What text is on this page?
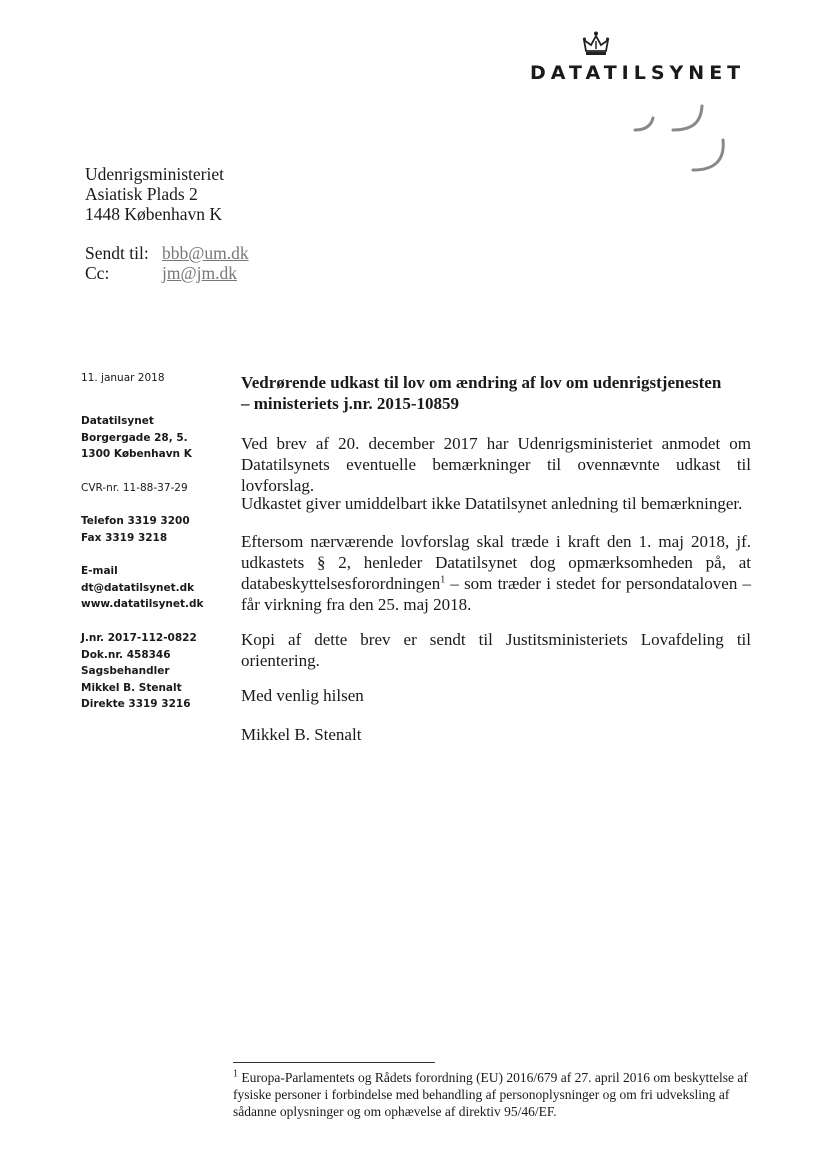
DATATILSYNET
Udenrigsministeriet
Asiatisk Plads 2
1448 København K
Sendt til: bbb@um.dk
Cc:	jm@jm.dk
11. januar 2018
Datatilsynet
Borgergade 28, 5.
1300 København K
CVR-nr. 11-88-37-29
Telefon 3319 3200
Fax 3319 3218
E-mail
dt@datatilsynet.dk
www.datatilsynet.dk
J.nr. 2017-112-0822
Dok.nr. 458346
Sagsbehandler
Mikkel B. Stenalt
Direkte 3319 3216
Vedrørende udkast til lov om ændring af lov om udenrigstjenesten
– ministeriets j.nr. 2015-10859
Ved brev af 20. december 2017 har Udenrigsministeriet anmodet om Datatilsynets eventuelle bemærkninger til ovennævnte udkast til lovforslag.
Udkastet giver umiddelbart ikke Datatilsynet anledning til bemærkninger.
Eftersom nærværende lovforslag skal træde i kraft den 1. maj 2018, jf. udkastets § 2, henleder Datatilsynet dog opmærksomheden på, at databeskyttelsesforordningen$^1$ – som træder i stedet for persondataloven – får virkning fra den 25. maj 2018.
Kopi af dette brev er sendt til Justitsministeriets Lovafdeling til orientering.
Med venlig hilsen
Mikkel B. Stenalt
$^1$ Europa-Parlamentets og Rådets forordning (EU) 2016/679 af 27. april 2016 om beskyttelse af fysiske personer i forbindelse med behandling af personoplysninger og om fri udveksling af sådanne oplysninger og om ophævelse af direktiv 95/46/EF.
